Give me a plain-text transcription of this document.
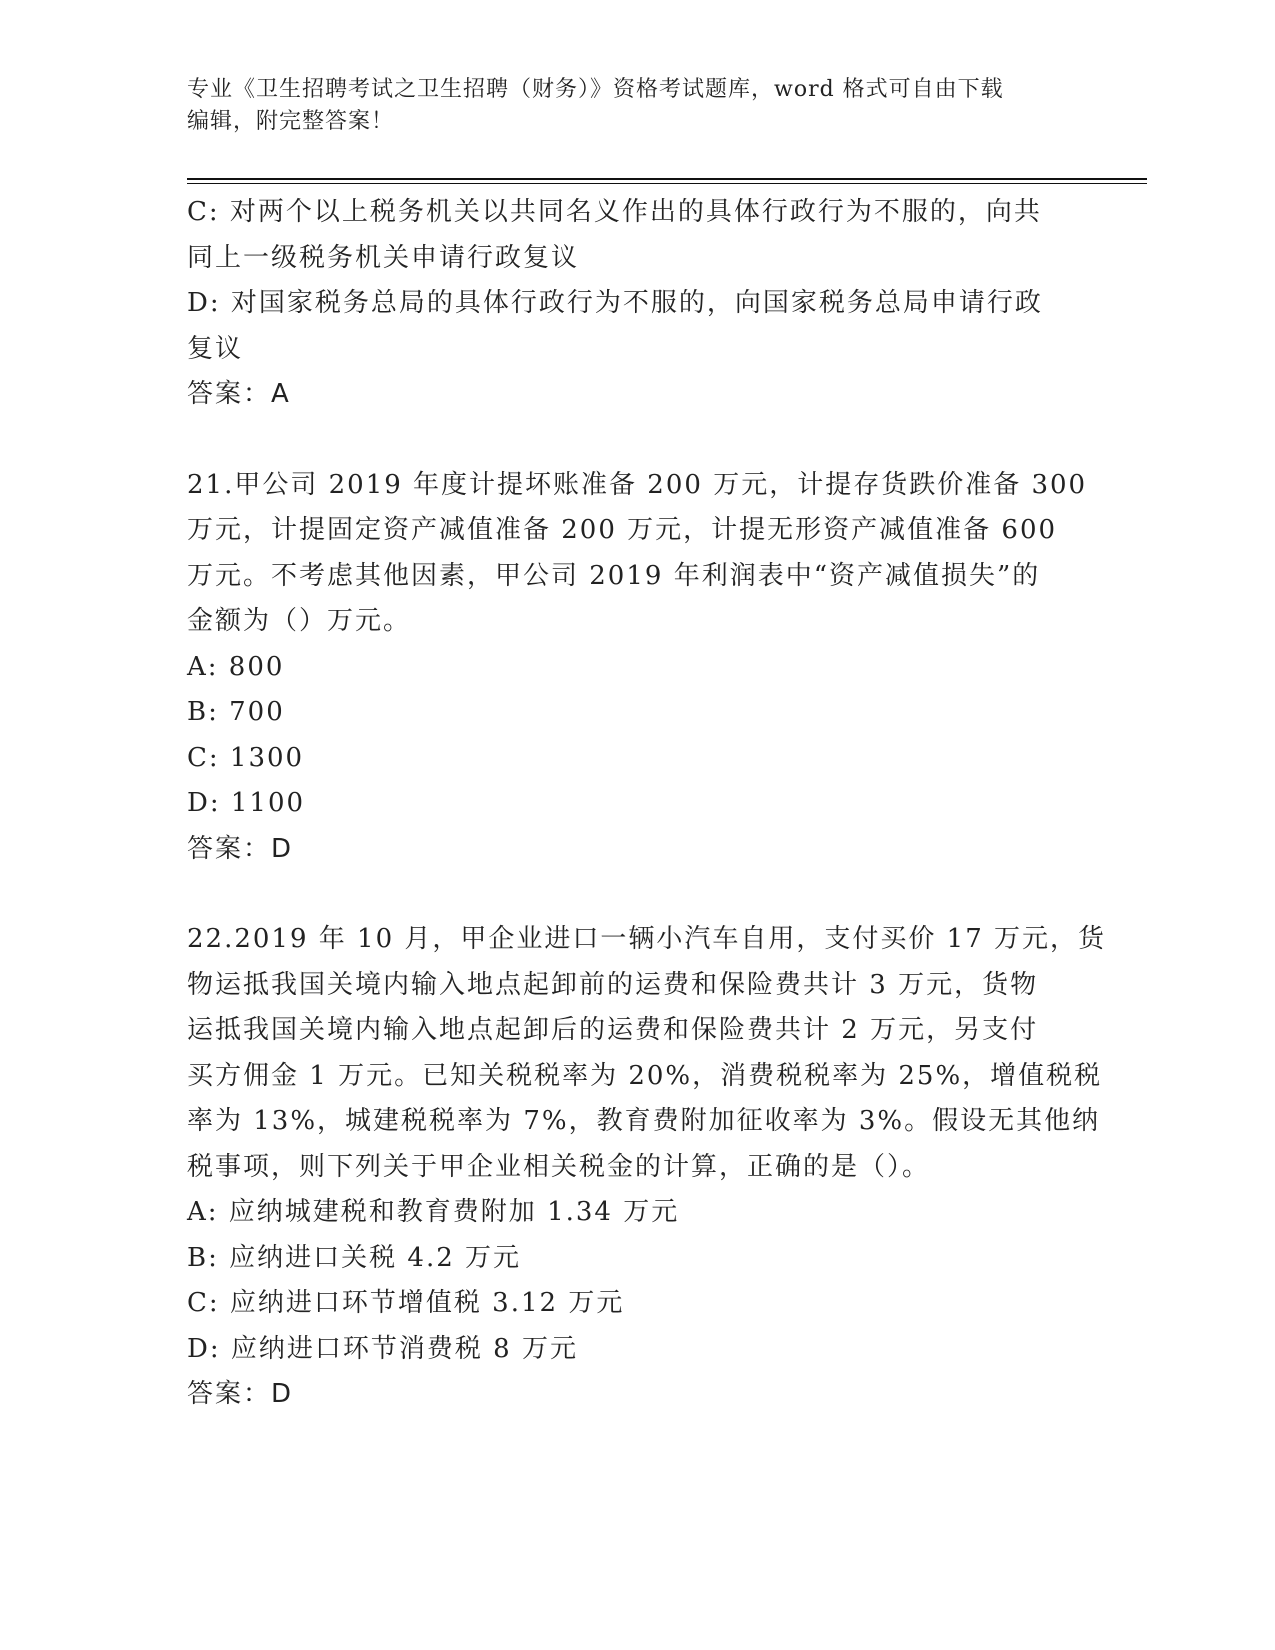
专业《卫生招聘考试之卫生招聘（财务）》资格考试题库，word 格式可自由下载
编辑，附完整答案！
C: 对两个以上税务机关以共同名义作出的具体行政行为不服的，向共
同上一级税务机关申请行政复议
D: 对国家税务总局的具体行政行为不服的，向国家税务总局申请行政
复议
答案：A
21.甲公司 2019 年度计提坏账准备 200 万元，计提存货跌价准备 300
万元，计提固定资产减值准备 200 万元，计提无形资产减值准备 600
万元。不考虑其他因素，甲公司 2019 年利润表中“资产减值损失”的
金额为（）万元。
A: 800
B: 700
C: 1300
D: 1100
答案：D
22.2019 年 10 月，甲企业进口一辆小汽车自用，支付买价 17 万元，货
物运抵我国关境内输入地点起卸前的运费和保险费共计 3 万元，货物
运抵我国关境内输入地点起卸后的运费和保险费共计 2 万元，另支付
买方佣金 1 万元。已知关税税率为 20%，消费税税率为 25%，增值税税
率为 13%，城建税税率为 7%，教育费附加征收率为 3%。假设无其他纳
税事项，则下列关于甲企业相关税金的计算，正确的是（）。
A: 应纳城建税和教育费附加 1.34 万元
B: 应纳进口关税 4.2 万元
C: 应纳进口环节增值税 3.12 万元
D: 应纳进口环节消费税 8 万元
答案：D
